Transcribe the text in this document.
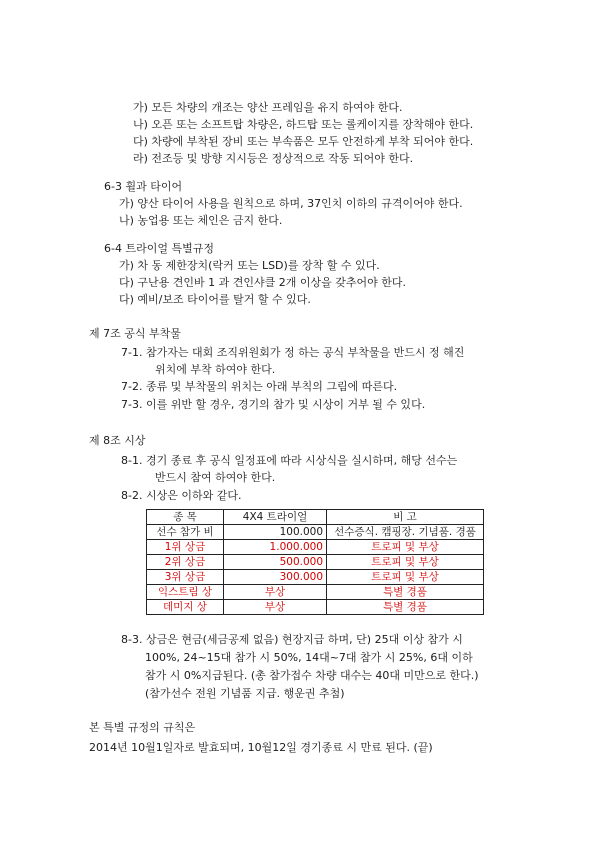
가) 모든 차량의 개조는 양산 프레임을 유지 하여야 한다.
나) 오픈 또는 소프트탑 차량은, 하드탑 또는 롤케이지를 장착해야 한다.
다) 차량에 부착된 장비 또는 부속품은 모두 안전하게 부착 되어야 한다.
라) 전조등 및 방향 지시등은 정상적으로 작동 되어야 한다.
6-3 휠과 타이어
가) 양산 타이어 사용을 원칙으로 하며, 37인치 이하의 규격이어야 한다.
나) 농업용 또는 체인은 금지 한다.
6-4 트라이얼 특별규정
가) 차 동 제한장치(락커 또는 LSD)를 장착 할 수 있다.
다) 구난용 견인바 1 과 견인샤클 2개 이상을 갖추어야 한다.
다) 예비/보조 타이어를 탈거 할 수 있다.
제 7조 공식 부착물
7-1. 참가자는 대회 조직위원회가 정 하는 공식 부착물을 반드시 정 해진
위치에 부착 하여야 한다.
7-2. 종류 및 부착물의 위치는 아래 부칙의 그림에 따른다.
7-3. 이를 위반 할 경우, 경기의 참가 및 시상이 거부 될 수 있다.
제 8조 시상
8-1. 경기 종료 후 공식 일정표에 따라 시상식을 실시하며, 해당 선수는
반드시 참여 하여야 한다.
8-2. 시상은 이하와 같다.
종 목	4X4 트라이얼	비 고
선수 참가 비	100.000	선수증식. 캠핑장. 기념품. 경품
1위 상금	1.000.000	트로피 및 부상
2위 상금	500.000	트로피 및 부상
3위 상금	300.000	트로피 및 부상
익스트림 상	부상	특별 경품
데미지 상	부상	특별 경품
8-3. 상금은 현금(세금공제 없음) 현장지급 하며, 단) 25대 이상 참가 시
100%, 24~15대 참가 시 50%, 14대~7대 참가 시 25%, 6대 이하
참가 시 0%지급된다. (총 참가접수 차량 대수는 40대 미만으로 한다.)
(참가선수 전원 기념품 지급. 행운권 추첨)
본 특별 규정의 규칙은
2014년 10월1일자로 발효되며, 10월12일 경기종료 시 만료 된다. (끝)
